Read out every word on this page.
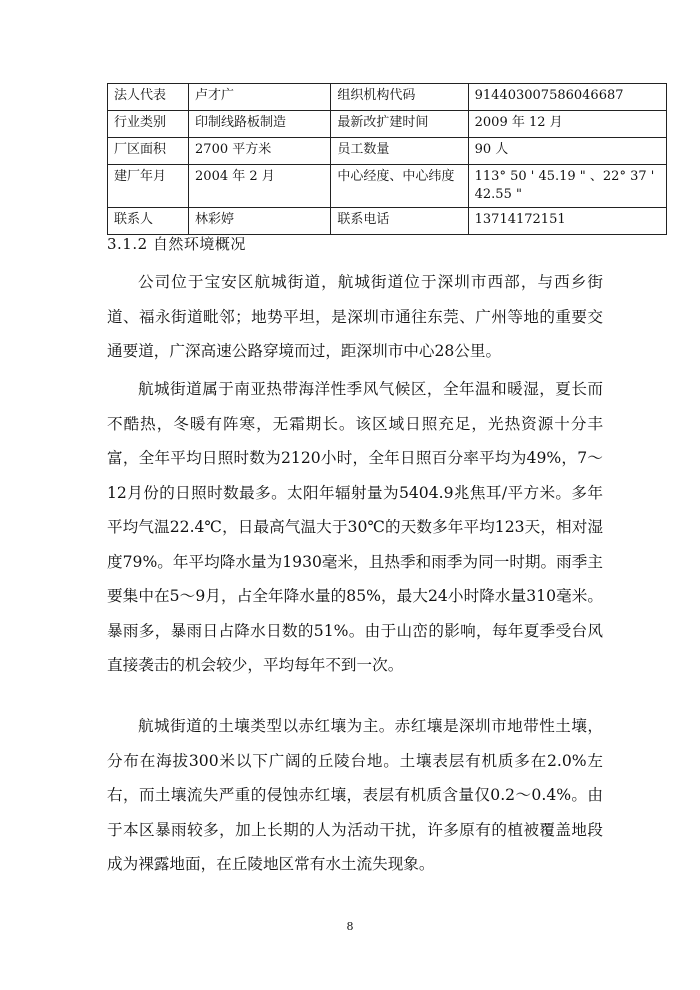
法人代表	卢才广	组织机构代码	914403007586046687
行业类别	印制线路板制造	最新改扩建时间	2009 年 12 月
厂区面积	2700 平方米	员工数量	90 人
建厂年月	2004 年 2 月	中心经度、中心纬度	113° 50 ' 45.19 " 、22° 37 ' 42.55 "
联系人	林彩婷	联系电话	13714172151
3.1.2 自然环境概况

公司位于宝安区航城街道，航城街道位于深圳市西部，与西乡街道、福永街道毗邻；地势平坦，是深圳市通往东莞、广州等地的重要交通要道，广深高速公路穿境而过，距深圳市中心28公里。

航城街道属于南亚热带海洋性季风气候区，全年温和暖湿，夏长而不酷热，冬暖有阵寒，无霜期长。该区域日照充足，光热资源十分丰富，全年平均日照时数为2120小时，全年日照百分率平均为49%，7～12月份的日照时数最多。太阳年辐射量为5404.9兆焦耳/平方米。多年平均气温22.4℃，日最高气温大于30℃的天数多年平均123天，相对湿度79%。年平均降水量为1930毫米，且热季和雨季为同一时期。雨季主要集中在5～9月，占全年降水量的85%，最大24小时降水量310毫米。暴雨多，暴雨日占降水日数的51%。由于山峦的影响，每年夏季受台风直接袭击的机会较少，平均每年不到一次。

航城街道的土壤类型以赤红壤为主。赤红壤是深圳市地带性土壤，分布在海拔300米以下广阔的丘陵台地。土壤表层有机质多在2.0%左右，而土壤流失严重的侵蚀赤红壤，表层有机质含量仅0.2～0.4%。由于本区暴雨较多，加上长期的人为活动干扰，许多原有的植被覆盖地段成为裸露地面，在丘陵地区常有水土流失现象。

8
